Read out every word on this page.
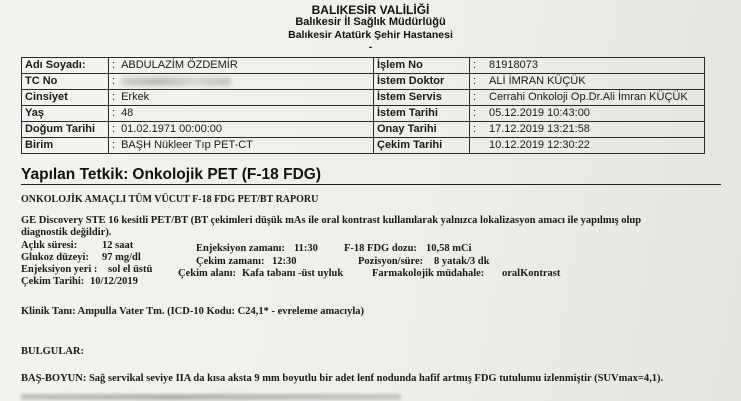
BALIKESİR VALİLİĞİ
Balıkesir İl Sağlık Müdürlüğü
Balıkesir Atatürk Şehir Hastanesi
-
Adı Soyadı:	: ABDULAZİM ÖZDEMİR	İşlem No	: 81918073
TC No	:	İstem Doktor	: ALİ İMRAN KÜÇÜK
Cinsiyet	: Erkek	İstem Servis	: Cerrahi Onkoloji Op.Dr.Ali İmran KÜÇÜK
Yaş	: 48	İstem Tarihi	: 05.12.2019 10:43:00
Doğum Tarihi	: 01.02.1971 00:00:00	Onay Tarihi	: 17.12.2019 13:21:58
Birim	: BAŞH Nükleer Tıp PET-CT	Çekim Tarihi	10.12.2019 12:30:22
Yapılan Tetkik: Onkolojik PET (F-18 FDG)
ONKOLOJİK AMAÇLI TÜM VÜCUT F-18 FDG PET/BT RAPORU
GE Discovery STE 16 kesitli PET/BT (BT çekimleri düşük mAs ile oral kontrast kullanılarak yalnızca lokalizasyon amacı ile yapılmış olup
diagnostik değildir).
Açlık süresi: 12 saat	Enjeksiyon zamanı: 11:30 F-18 FDG dozu: 10,58 mCi
Glukoz düzeyi: 97 mg/dl	Çekim zamanı: 12:30	Pozisyon/süre: 8 yatak/3 dk
Enjeksiyon yeri : sol el üstü Çekim alanı: Kafa tabanı -üst uyluk	Farmakolojik müdahale: oralKontrast
Çekim Tarihi: 10/12/2019
Klinik Tanı: Ampulla Vater Tm. (ICD-10 Kodu: C24,1* - evreleme amacıyla)
BULGULAR:
BAŞ-BOYUN: Sağ servikal seviye IIA da kısa aksta 9 mm boyutlu bir adet lenf nodunda hafif artmış FDG tutulumu izlenmiştir (SUVmax=4,1).
